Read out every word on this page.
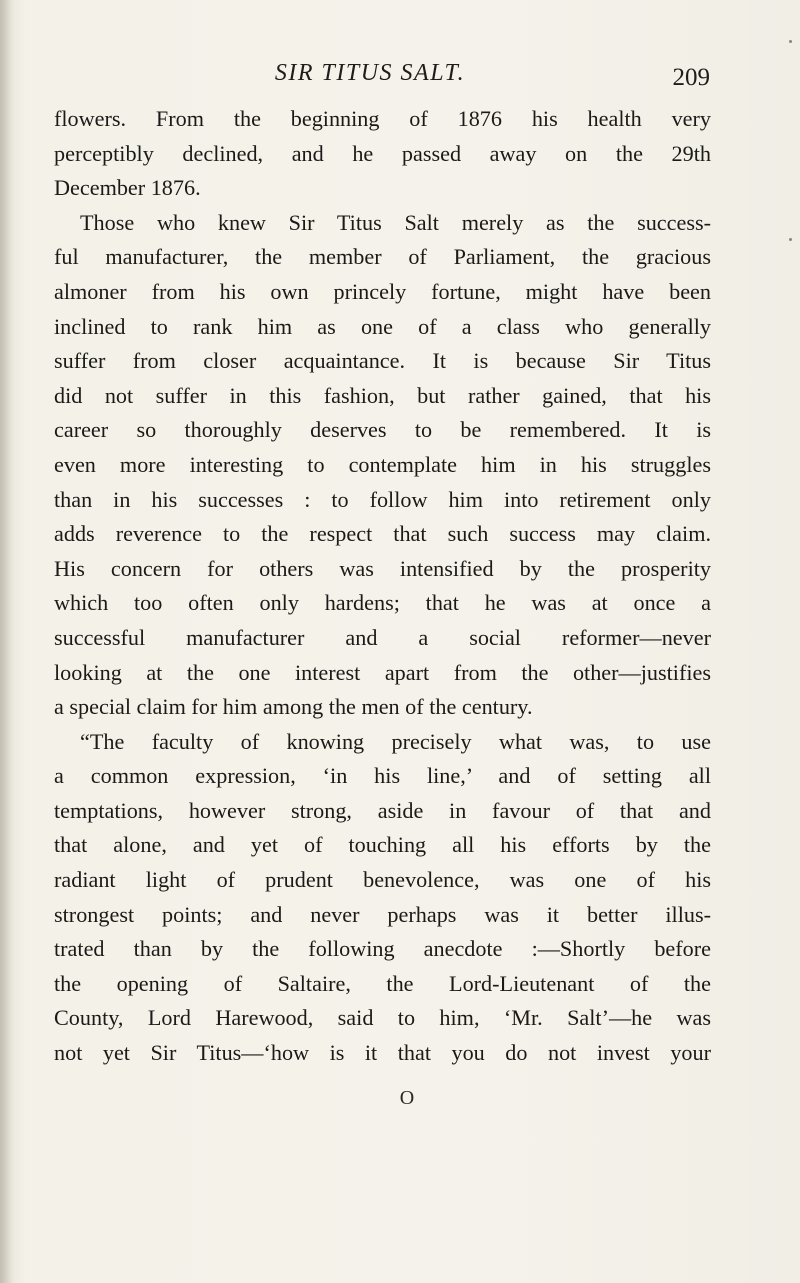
SIR TITUS SALT.	209
flowers. From the beginning of 1876 his health very
perceptibly declined, and he passed away on the 29th
December 1876.
Those who knew Sir Titus Salt merely as the success-
ful manufacturer, the member of Parliament, the gracious
almoner from his own princely fortune, might have been
inclined to rank him as one of a class who generally
suffer from closer acquaintance. It is because Sir Titus
did not suffer in this fashion, but rather gained, that his
career so thoroughly deserves to be remembered. It is
even more interesting to contemplate him in his struggles
than in his successes : to follow him into retirement only
adds reverence to the respect that such success may claim.
His concern for others was intensified by the prosperity
which too often only hardens; that he was at once a
successful manufacturer and a social reformer—never
looking at the one interest apart from the other—justifies
a special claim for him among the men of the century.
“The faculty of knowing precisely what was, to use
a common expression, ‘in his line,’ and of setting all
temptations, however strong, aside in favour of that and
that alone, and yet of touching all his efforts by the
radiant light of prudent benevolence, was one of his
strongest points; and never perhaps was it better illus-
trated than by the following anecdote :—Shortly before
the opening of Saltaire, the Lord-Lieutenant of the
County, Lord Harewood, said to him, ‘Mr. Salt’—he was
not yet Sir Titus—‘how is it that you do not invest your
O
